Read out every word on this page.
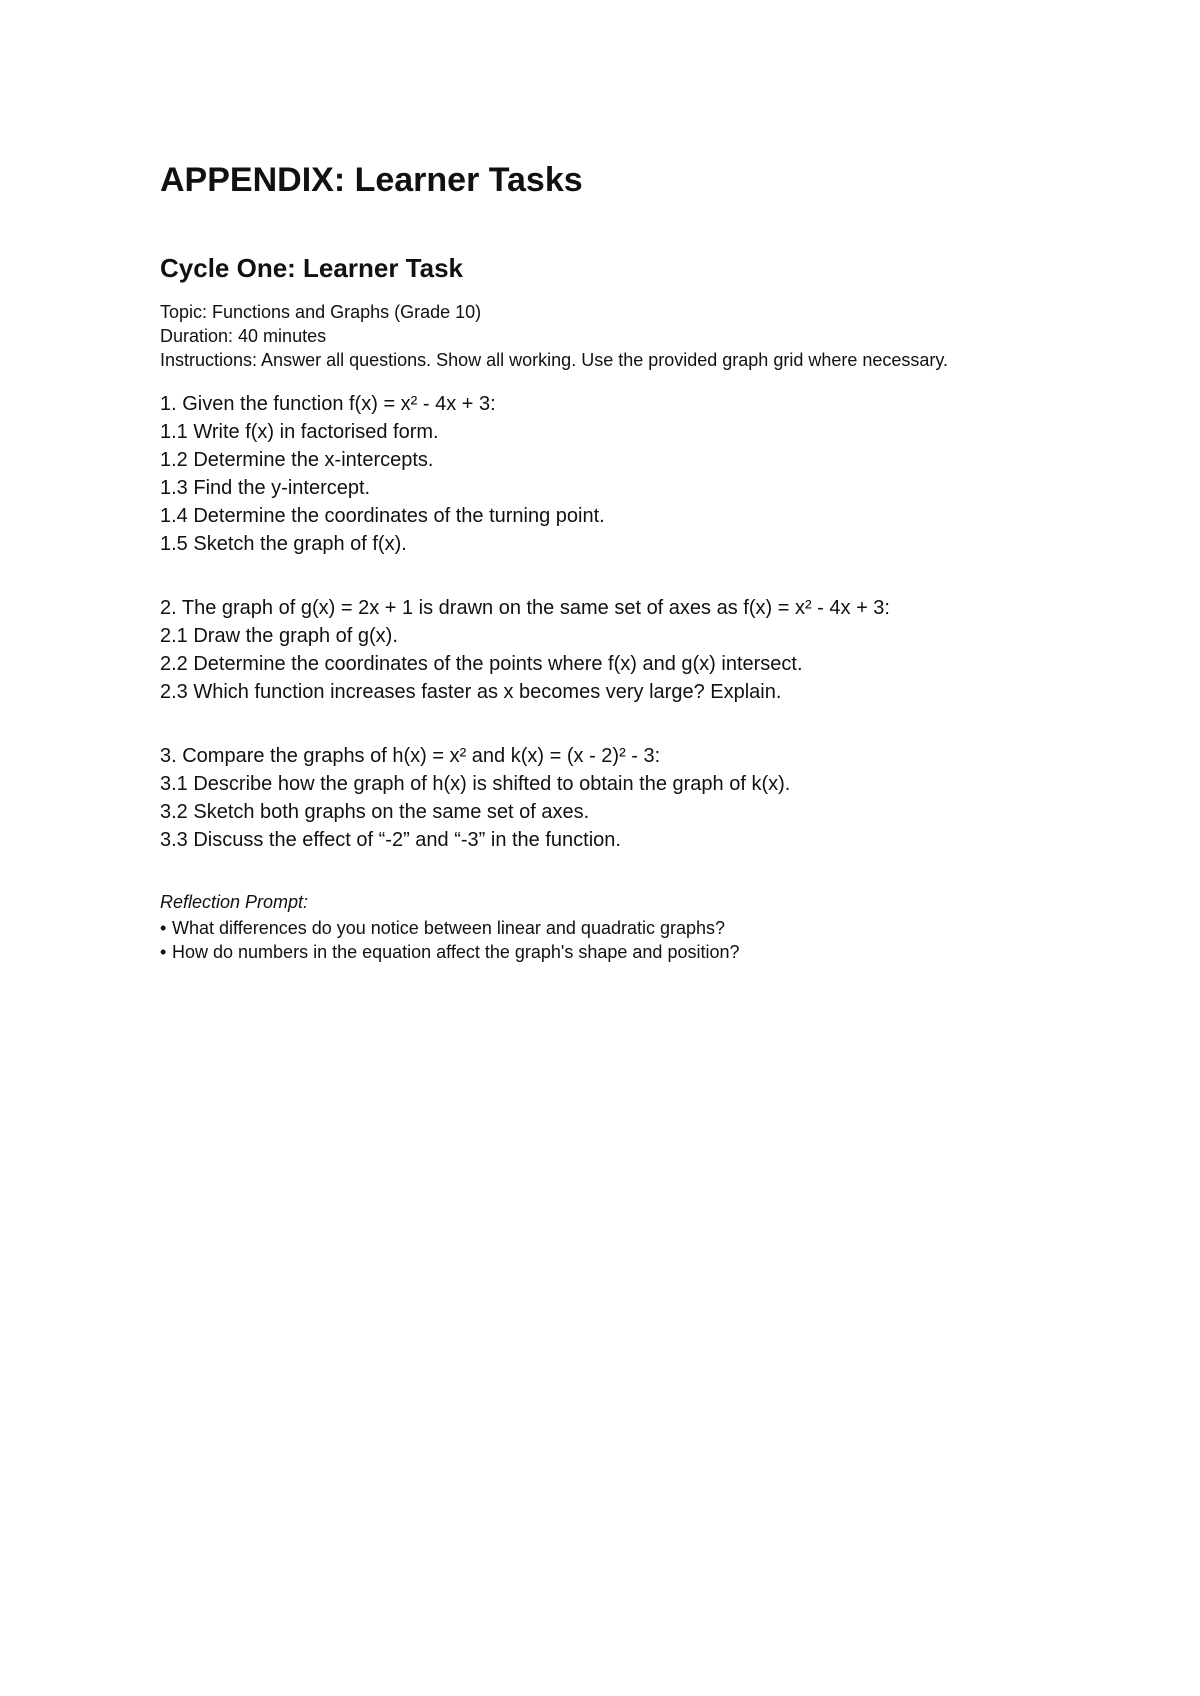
APPENDIX: Learner Tasks
Cycle One: Learner Task

Topic: Functions and Graphs (Grade 10)

Duration: 40 minutes

Instructions: Answer all questions. Show all working. Use the provided graph grid where necessary.

1. Given the function f(x) = x² - 4x + 3:

1.1 Write f(x) in factorised form.

1.2 Determine the x-intercepts.

1.3 Find the y-intercept.

1.4 Determine the coordinates of the turning point.

1.5 Sketch the graph of f(x).

2. The graph of g(x) = 2x + 1 is drawn on the same set of axes as f(x) = x² - 4x + 3:

2.1 Draw the graph of g(x).

2.2 Determine the coordinates of the points where f(x) and g(x) intersect.

2.3 Which function increases faster as x becomes very large? Explain.

3. Compare the graphs of h(x) = x² and k(x) = (x - 2)² - 3:

3.1 Describe how the graph of h(x) is shifted to obtain the graph of k(x).

3.2 Sketch both graphs on the same set of axes.

3.3 Discuss the effect of “-2” and “-3” in the function.

Reflection Prompt:

• What differences do you notice between linear and quadratic graphs?

• How do numbers in the equation affect the graph's shape and position?
